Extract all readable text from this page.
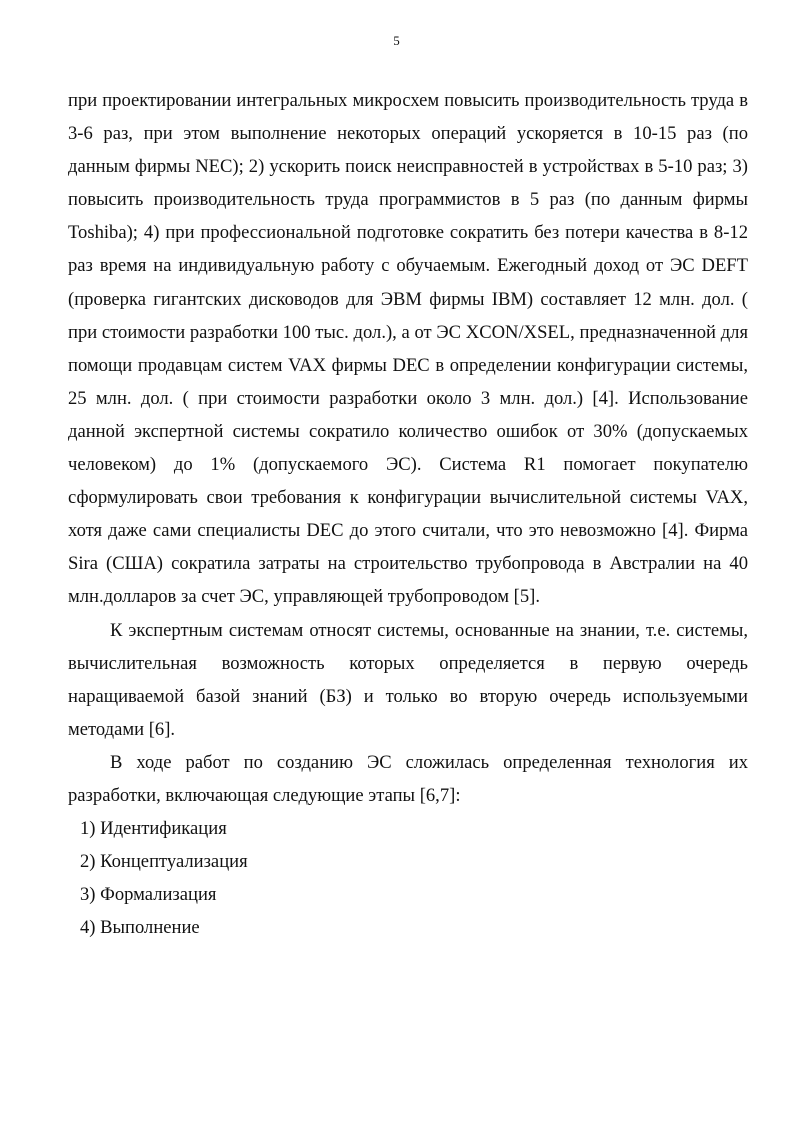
5

при проектировании интегральных микросхем повысить производительность труда в 3-6 раз, при этом выполнение некоторых операций ускоряется в 10-15 раз (по данным фирмы NEC); 2) ускорить поиск неисправностей в устройствах в 5-10 раз; 3) повысить производительность труда программистов в 5 раз (по данным фирмы Toshiba); 4) при профессиональной подготовке сократить без потери качества в 8-12 раз время на индивидуальную работу с обучаемым. Ежегодный доход от ЭС DEFT (проверка гигантских дисководов для ЭВМ фирмы IBM) составляет 12 млн. дол. ( при стоимости разработки 100 тыс. дол.), а от ЭС XCON/XSEL, предназначенной для помощи продавцам систем VAX фирмы DEC в определении конфигурации системы, 25 млн. дол. ( при стоимости разработки около 3 млн. дол.) [4]. Использование данной экспертной системы сократило количество ошибок от 30% (допускаемых человеком) до 1% (допускаемого ЭС). Система R1 помогает покупателю сформулировать свои требования к конфигурации вычислительной системы VAX, хотя даже сами специалисты DEC до этого считали, что это невозможно [4]. Фирма Sira (США) сократила затраты на строительство трубопровода в Австралии на 40 млн.долларов за счет ЭС, управляющей трубопроводом [5].

К экспертным системам относят системы, основанные на знании, т.е. системы, вычислительная возможность которых определяется в первую очередь наращиваемой базой знаний (БЗ) и только во вторую очередь используемыми методами [6].

В ходе работ по созданию ЭС сложилась определенная технология их разработки, включающая следующие этапы [6,7]:

1) Идентификация
2) Концептуализация
3) Формализация
4) Выполнение
